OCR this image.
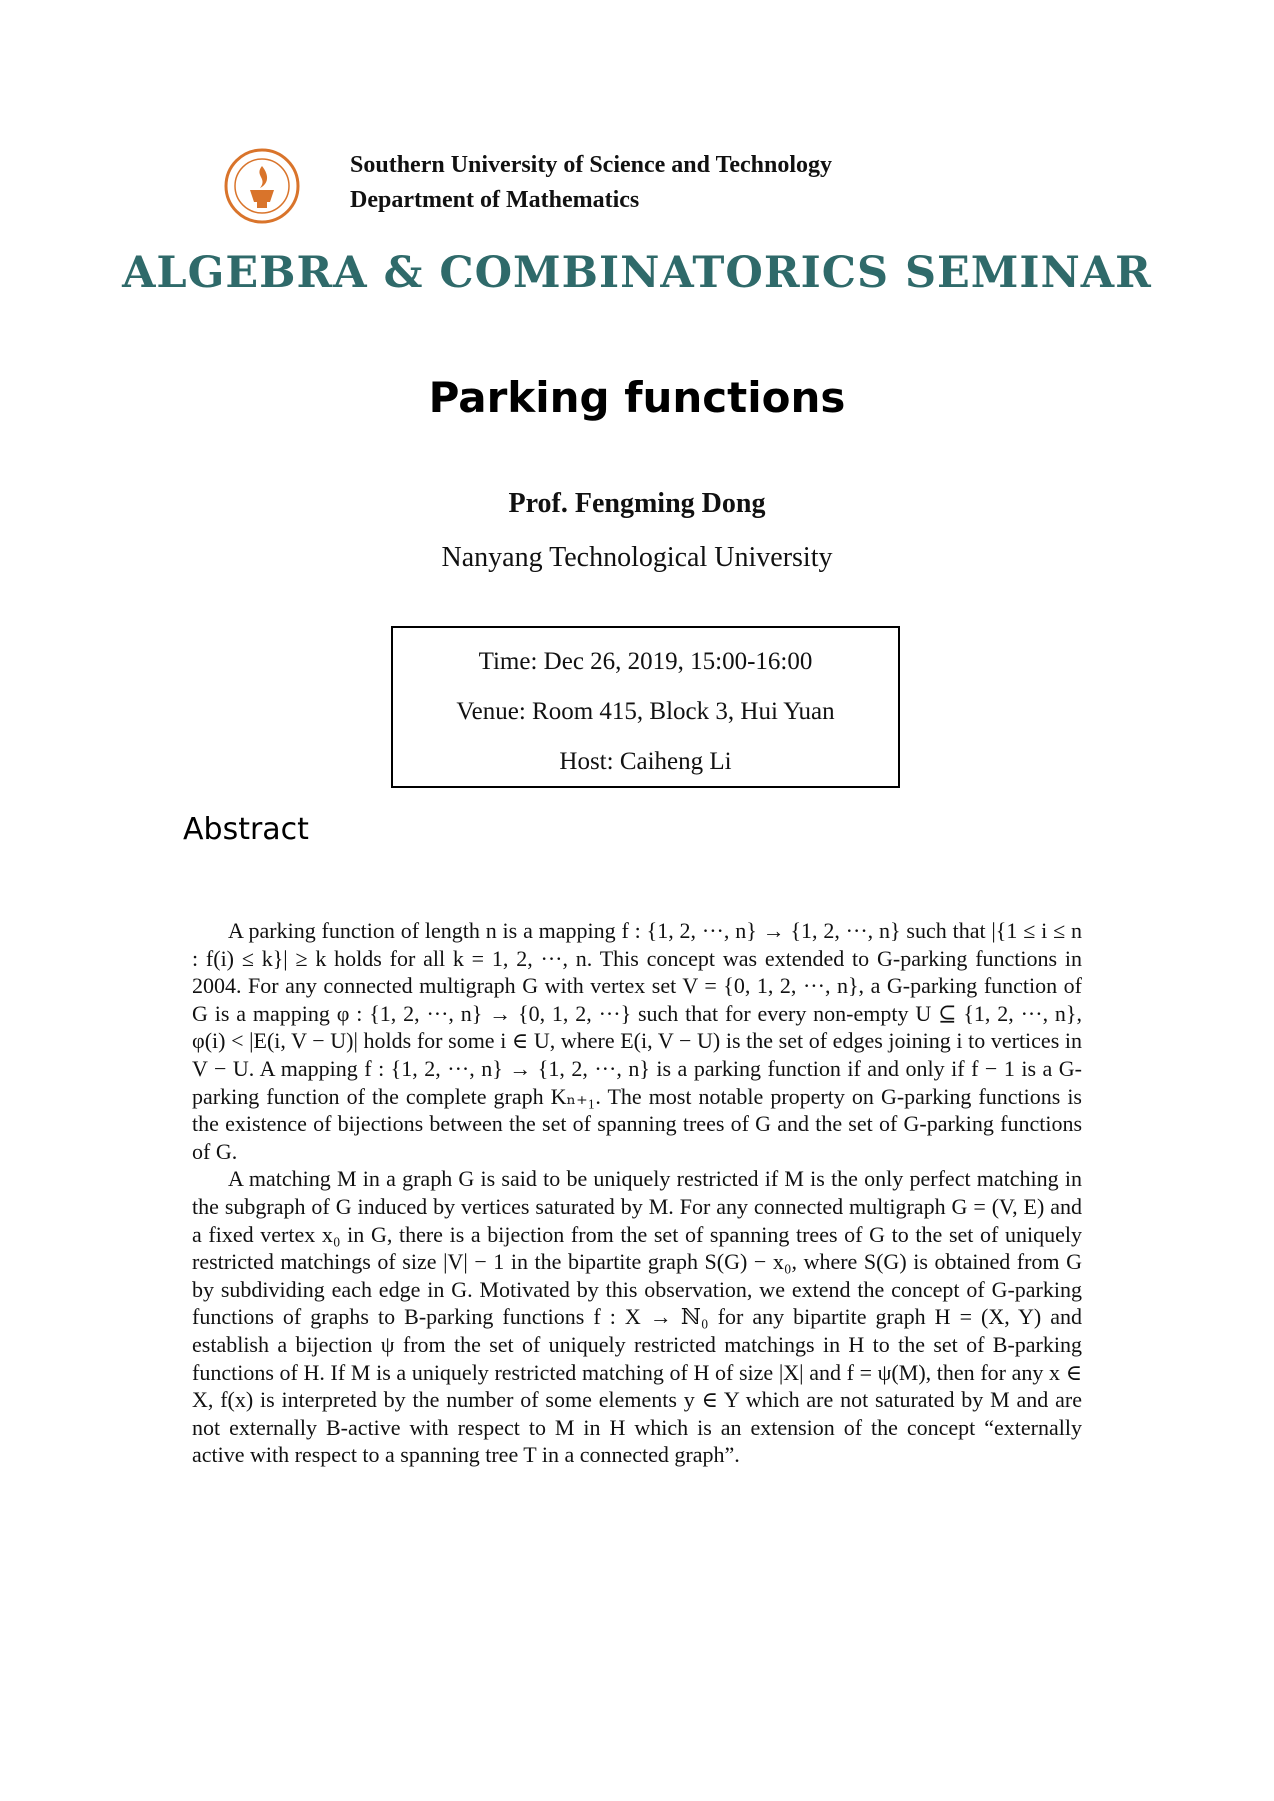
Southern University of Science and Technology
Department of Mathematics
ALGEBRA & COMBINATORICS SEMINAR
Parking functions
Prof. Fengming Dong
Nanyang Technological University
Time: Dec 26, 2019, 15:00-16:00
Venue: Room 415, Block 3, Hui Yuan
Host: Caiheng Li
Abstract

A parking function of length n is a mapping f : {1, 2, ···, n} → {1, 2, ···, n} such that |{1 ≤ i ≤ n : f(i) ≤ k}| ≥ k holds for all k = 1, 2, ···, n. This concept was extended to G-parking functions in 2004. For any connected multigraph G with vertex set V = {0, 1, 2, ···, n}, a G-parking function of G is a mapping φ : {1, 2, ···, n} → {0, 1, 2, ···} such that for every non-empty U ⊆ {1, 2, ···, n}, φ(i) < |E(i, V − U)| holds for some i ∈ U, where E(i, V − U) is the set of edges joining i to vertices in V − U. A mapping f : {1, 2, ···, n} → {1, 2, ···, n} is a parking function if and only if f − 1 is a G-parking function of the complete graph Kₙ₊₁. The most notable property on G-parking functions is the existence of bijections between the set of spanning trees of G and the set of G-parking functions of G.

A matching M in a graph G is said to be uniquely restricted if M is the only perfect matching in the subgraph of G induced by vertices saturated by M. For any connected multigraph G = (V, E) and a fixed vertex x₀ in G, there is a bijection from the set of spanning trees of G to the set of uniquely restricted matchings of size |V| − 1 in the bipartite graph S(G) − x₀, where S(G) is obtained from G by subdividing each edge in G. Motivated by this observation, we extend the concept of G-parking functions of graphs to B-parking functions f : X → ℕ₀ for any bipartite graph H = (X, Y) and establish a bijection ψ from the set of uniquely restricted matchings in H to the set of B-parking functions of H. If M is a uniquely restricted matching of H of size |X| and f = ψ(M), then for any x ∈ X, f(x) is interpreted by the number of some elements y ∈ Y which are not saturated by M and are not externally B-active with respect to M in H which is an extension of the concept “externally active with respect to a spanning tree T in a connected graph”.
